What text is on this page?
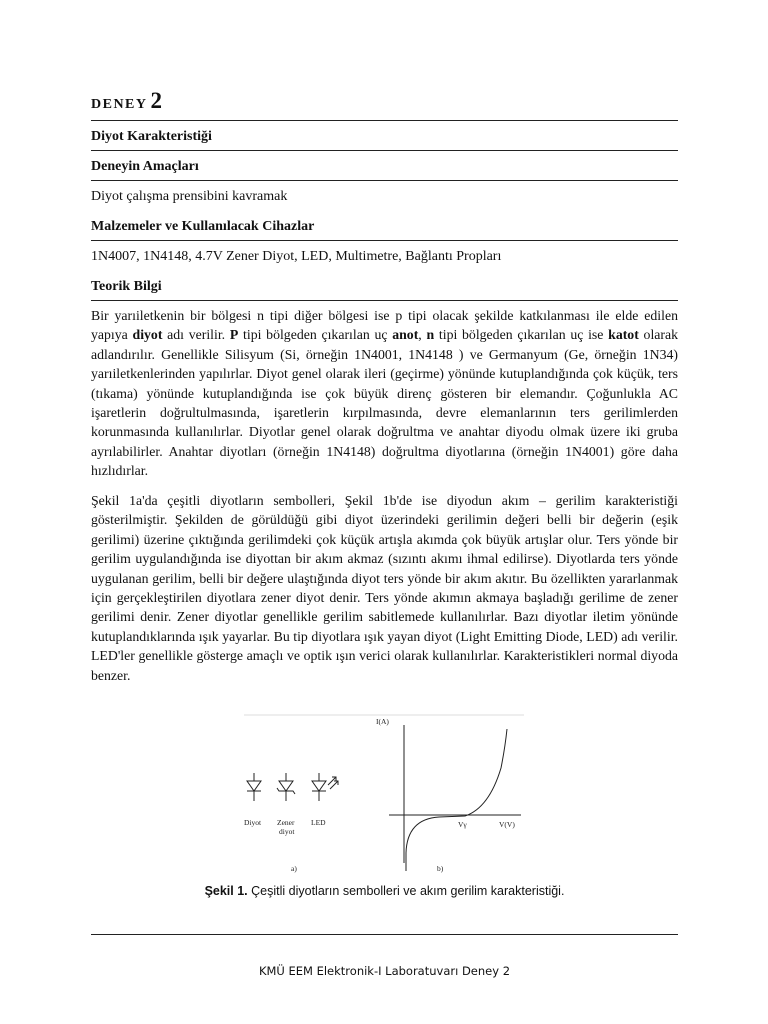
DENEY 2
Diyot Karakteristiği
Deneyin Amaçları
Diyot çalışma prensibini kavramak
Malzemeler ve Kullanılacak Cihazlar
1N4007, 1N4148, 4.7V Zener Diyot, LED, Multimetre, Bağlantı Propları
Teorik Bilgi

Bir yarıiletkenin bir bölgesi n tipi diğer bölgesi ise p tipi olacak şekilde katkılanması ile elde edilen yapıya diyot adı verilir. P tipi bölgeden çıkarılan uç anot, n tipi bölgeden çıkarılan uç ise katot olarak adlandırılır. Genellikle Silisyum (Si, örneğin 1N4001, 1N4148 ) ve Germanyum (Ge, örneğin 1N34) yarıiletkenlerinden yapılırlar. Diyot genel olarak ileri (geçirme) yönünde kutuplandığında çok küçük, ters (tıkama) yönünde kutuplandığında ise çok büyük direnç gösteren bir elemandır. Çoğunlukla AC işaretlerin doğrultulmasında, işaretlerin kırpılmasında, devre elemanlarının ters gerilimlerden korunmasında kullanılırlar. Diyotlar genel olarak doğrultma ve anahtar diyodu olmak üzere iki gruba ayrılabilirler. Anahtar diyotları (örneğin 1N4148) doğrultma diyotlarına (örneğin 1N4001) göre daha hızlıdırlar.

Şekil 1a'da çeşitli diyotların sembolleri, Şekil 1b'de ise diyodun akım – gerilim karakteristiği gösterilmiştir. Şekilden de görüldüğü gibi diyot üzerindeki gerilimin değeri belli bir değerin (eşik gerilimi) üzerine çıktığında gerilimdeki çok küçük artışla akımda çok büyük artışlar olur. Ters yönde bir gerilim uygulandığında ise diyottan bir akım akmaz (sızıntı akımı ihmal edilirse). Diyotlarda ters yönde uygulanan gerilim, belli bir değere ulaştığında diyot ters yönde bir akım akıtır. Bu özellikten yararlanmak için gerçekleştirilen diyotlara zener diyot denir. Ters yönde akımın akmaya başladığı gerilime de zener gerilimi denir. Zener diyotlar genellikle gerilim sabitlemede kullanılırlar. Bazı diyotlar iletim yönünde kutuplandıklarında ışık yayarlar. Bu tip diyotlara ışık yayan diyot (Light Emitting Diode, LED) adı verilir. LED'ler genellikle gösterge amaçlı ve optik ışın verici olarak kullanılırlar. Karakteristikleri normal diyoda benzer.

Diyot Zener
diyot
LED
a)
I(A)
V(V)
Vγ
b)
Şekil 1. Çeşitli diyotların sembolleri ve akım gerilim karakteristiği.
KMÜ EEM Elektronik-I Laboratuvarı Deney 2
